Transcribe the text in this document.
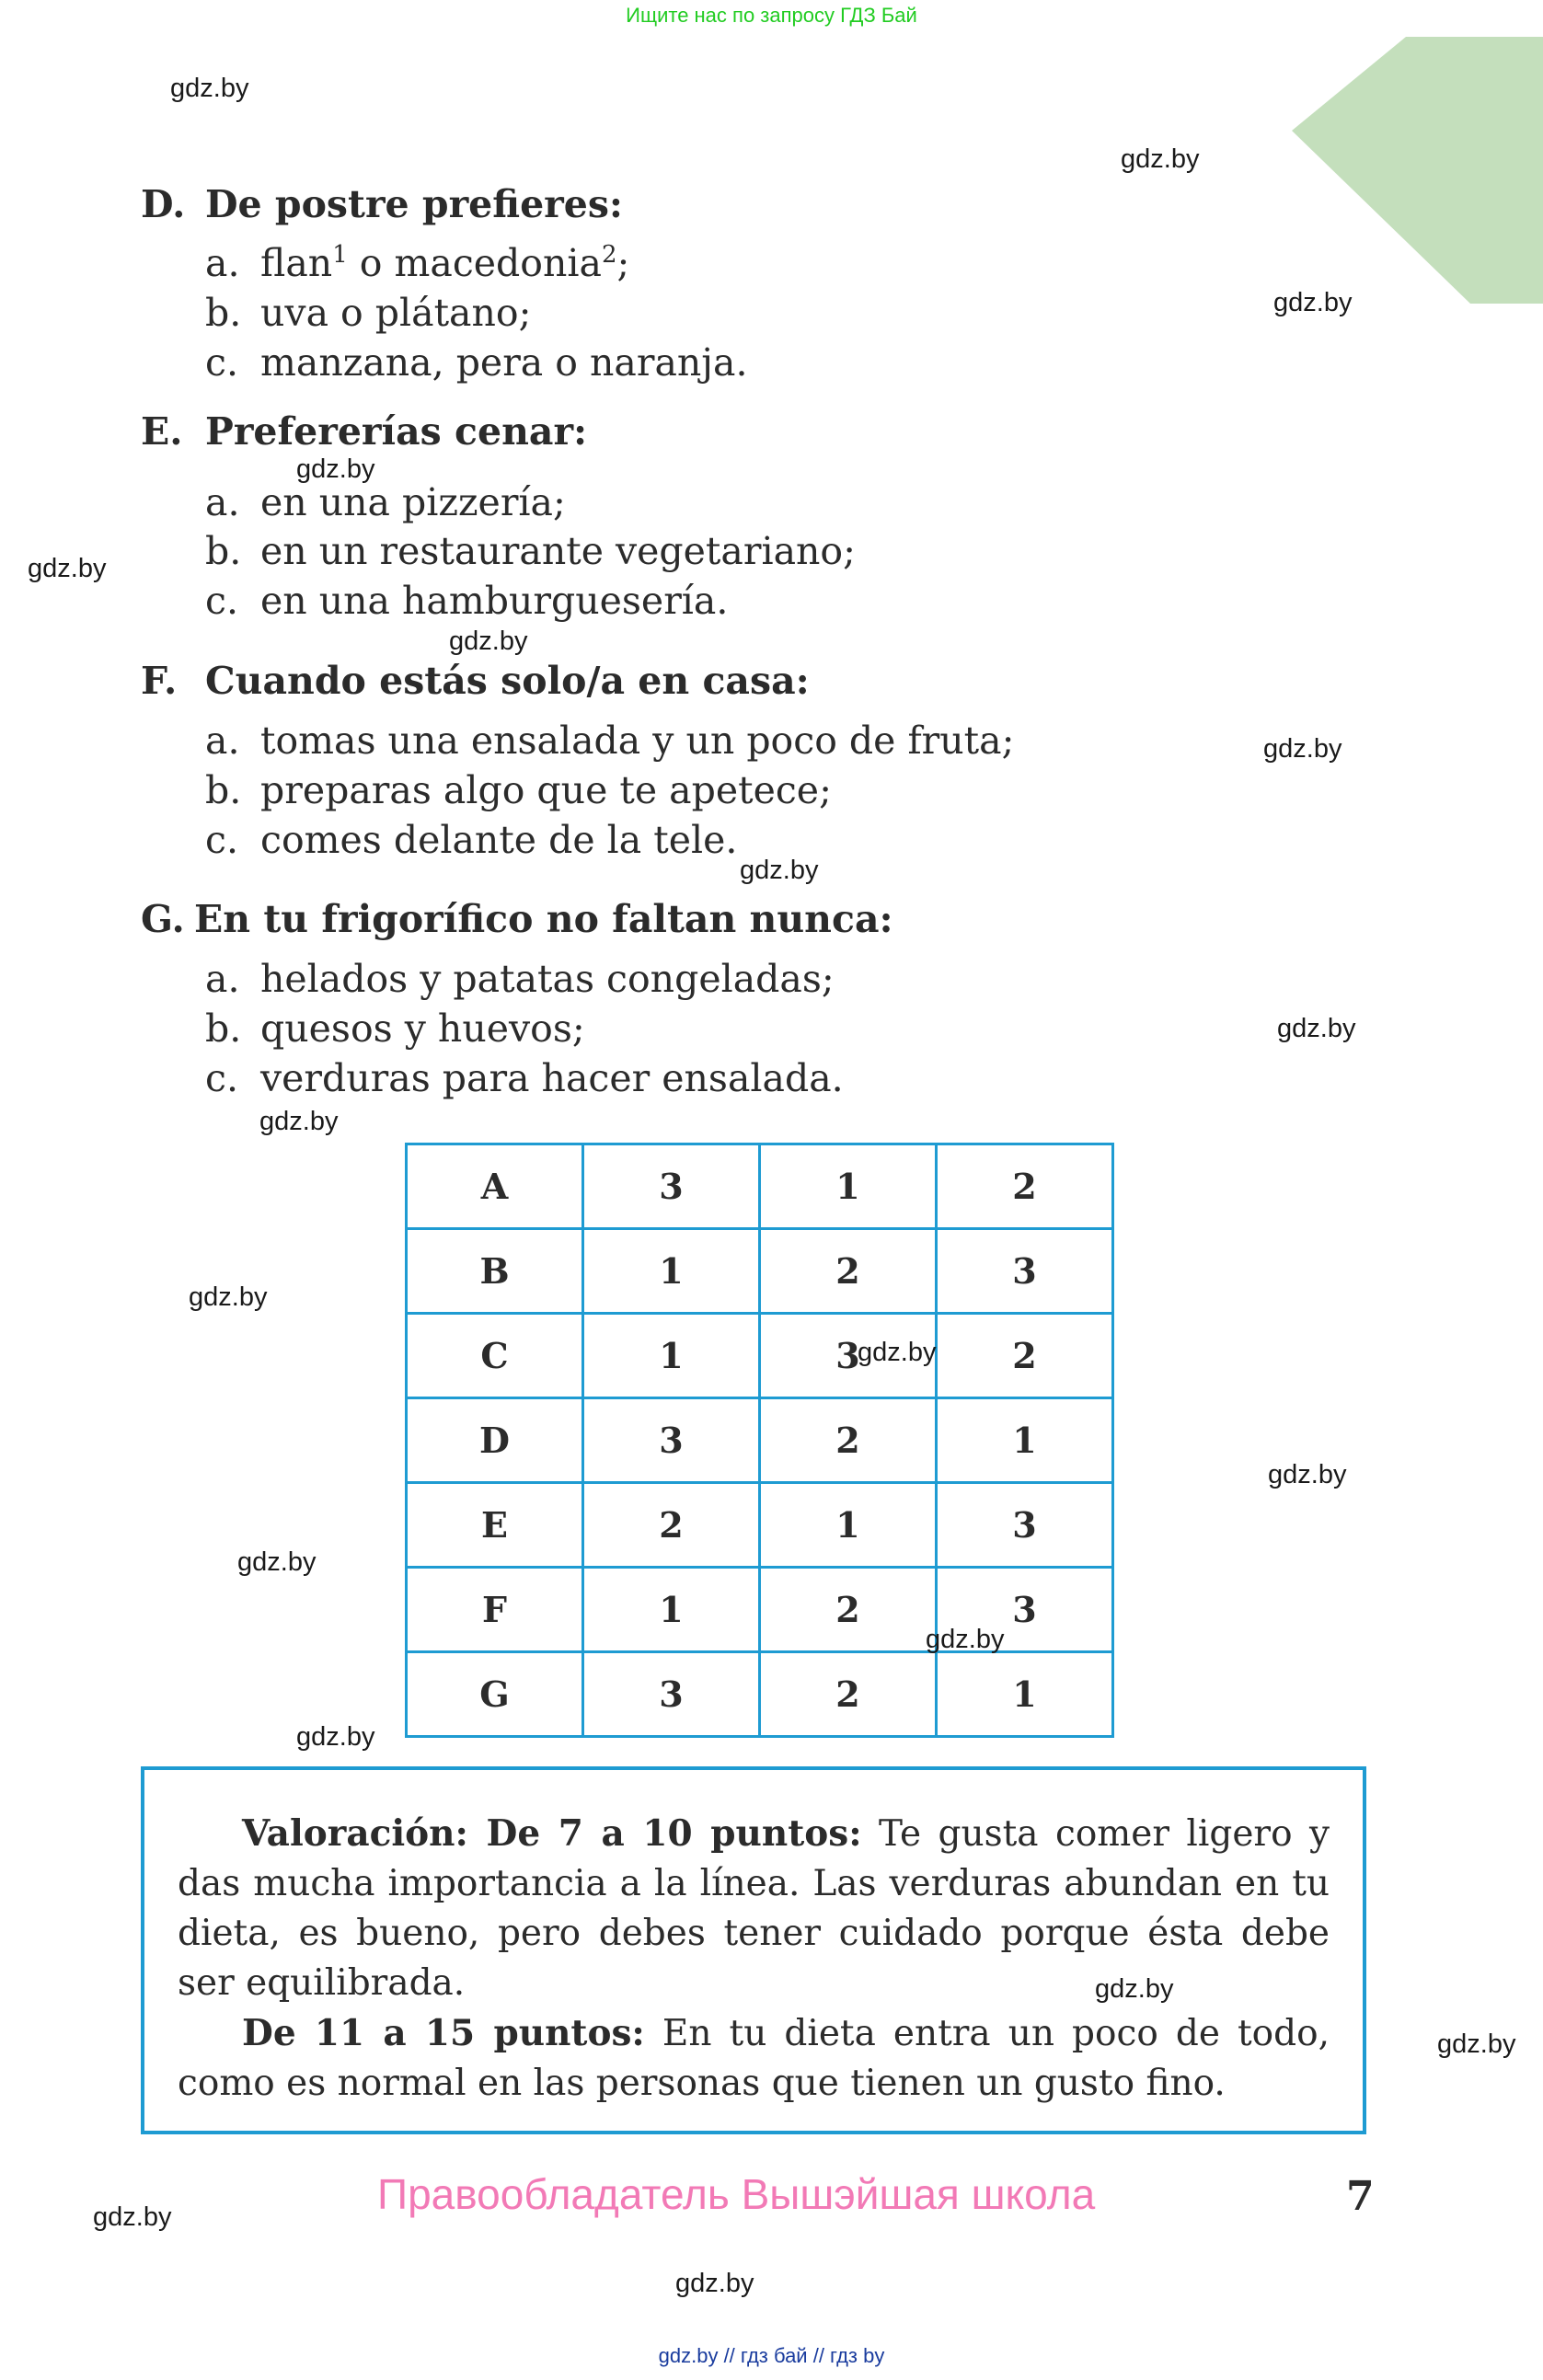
Ищите нас по запросу ГДЗ Бай
D. De postre prefieres:
a. flan$^1$ o macedonia$^2$;
b. uva o plátano;
c. manzana, pera o naranja.
E. Prefererías cenar:
a. en una pizzería;
b. en un restaurante vegetariano;
c. en una hamburguesería.
F. Cuando estás solo/a en casa:
a. tomas una ensalada y un poco de fruta;
b. preparas algo que te apetece;
c. comes delante de la tele.
G. En tu frigorífico no faltan nunca:
a. helados y patatas congeladas;
b. quesos y huevos;
c. verduras para hacer ensalada.
A	3	1	2
B	1	2	3
C	1	3	2
D	3	2	1
E	2	1	3
F	1	2	3
G	3	2	1

Valoración: De 7 a 10 puntos: Te gusta comer ligero y das mucha importancia a la línea. Las verduras abundan en tu dieta, es bueno, pero debes tener cuidado porque ésta debe ser equilibrada.

De 11 a 15 puntos: En tu dieta entra un poco de todo, como es normal en las personas que tienen un gusto fino.

Правообладатель Вышэйшая школа	7
gdz.by // гдз бай // гдз by
gdz.by
gdz.by
gdz.by
gdz.by
gdz.by
gdz.by
gdz.by
gdz.by
gdz.by
gdz.by
gdz.by
gdz.by
gdz.by
gdz.by
gdz.by
gdz.by
gdz.by
gdz.by
gdz.by
gdz.by
